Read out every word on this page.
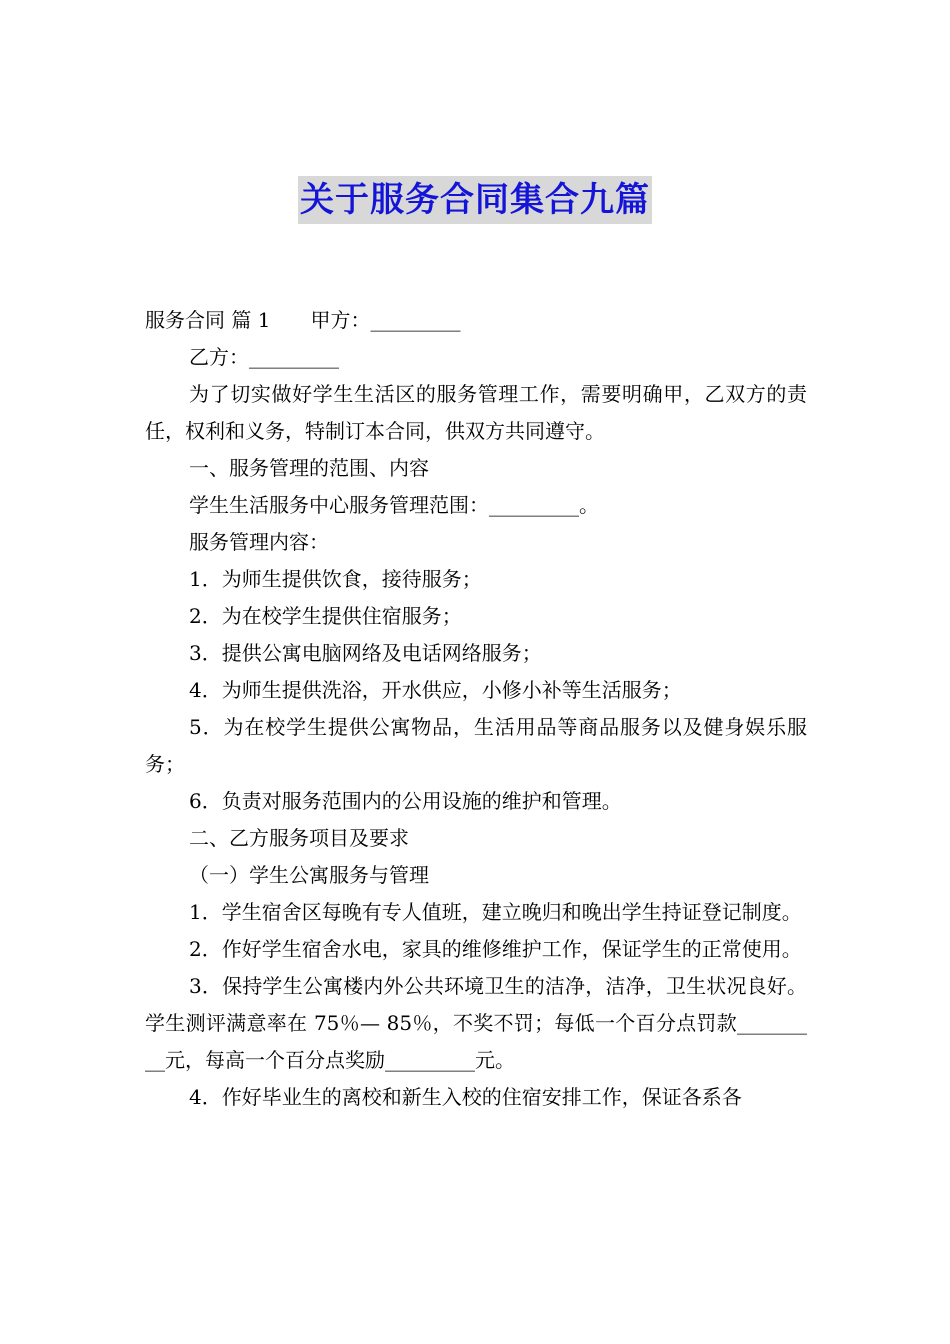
关于服务合同集合九篇

服务合同 篇 1 甲方：_________

乙方：_________

为了切实做好学生生活区的服务管理工作，需要明确甲，乙双方的责任，权利和义务，特制订本合同，供双方共同遵守。

一、服务管理的范围、内容

学生生活服务中心服务管理范围：_________。

服务管理内容：

1．为师生提供饮食，接待服务；

2．为在校学生提供住宿服务；

3．提供公寓电脑网络及电话网络服务；

4．为师生提供洗浴，开水供应，小修小补等生活服务；

5．为在校学生提供公寓物品，生活用品等商品服务以及健身娱乐服务；

6．负责对服务范围内的公用设施的维护和管理。

二、乙方服务项目及要求

（一）学生公寓服务与管理

1．学生宿舍区每晚有专人值班，建立晚归和晚出学生持证登记制度。

2．作好学生宿舍水电，家具的维修维护工作，保证学生的正常使用。

3．保持学生公寓楼内外公共环境卫生的洁净，洁净，卫生状况良好。学生测评满意率在 75％— 85％，不奖不罚；每低一个百分点罚款_________元，每高一个百分点奖励_________元。

4．作好毕业生的离校和新生入校的住宿安排工作，保证各系各
